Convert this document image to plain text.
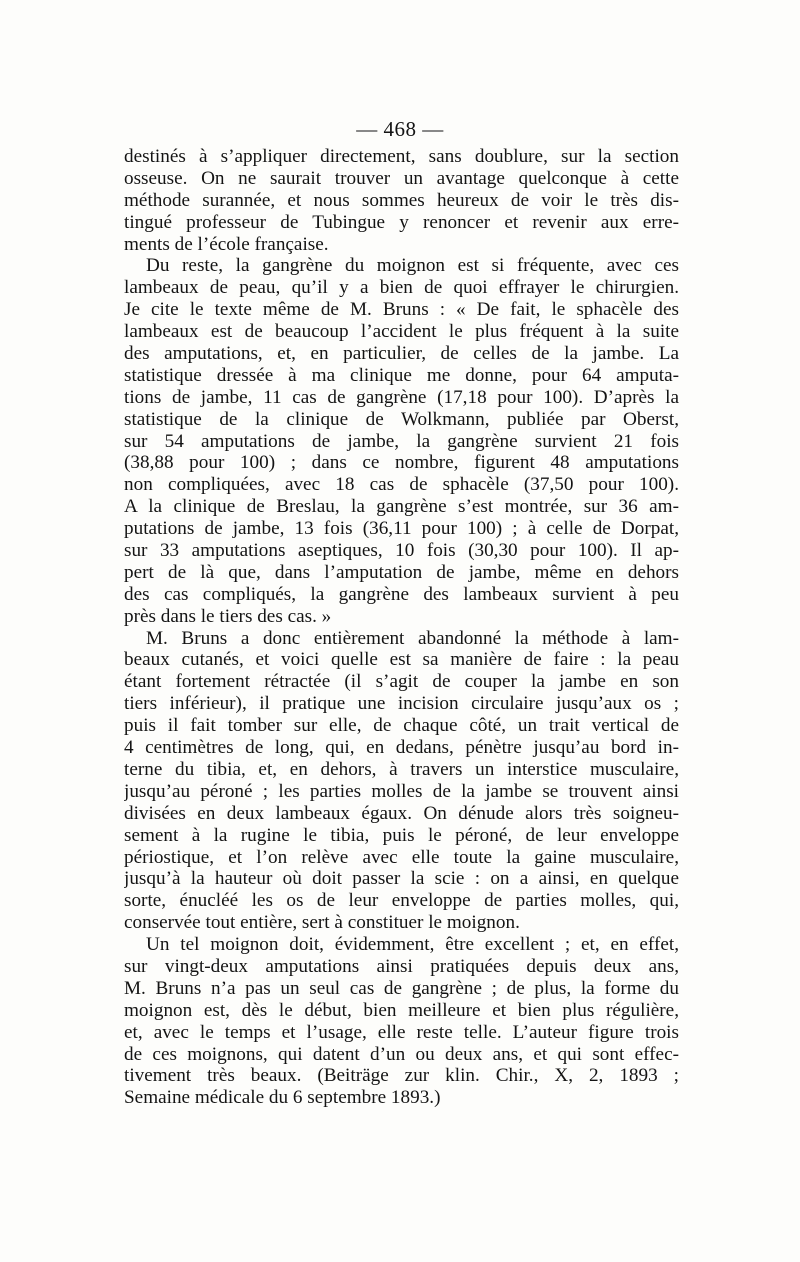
— 468 —
destinés à s’appliquer directement, sans doublure, sur la section
osseuse. On ne saurait trouver un avantage quelconque à cette
méthode surannée, et nous sommes heureux de voir le très dis-
tingué professeur de Tubingue y renoncer et revenir aux erre-
ments de l’école française.
Du reste, la gangrène du moignon est si fréquente, avec ces
lambeaux de peau, qu’il y a bien de quoi effrayer le chirurgien.
Je cite le texte même de M. Bruns : « De fait, le sphacèle des
lambeaux est de beaucoup l’accident le plus fréquent à la suite
des amputations, et, en particulier, de celles de la jambe. La
statistique dressée à ma clinique me donne, pour 64 amputa-
tions de jambe, 11 cas de gangrène (17,18 pour 100). D’après la
statistique de la clinique de Wolkmann, publiée par Oberst,
sur 54 amputations de jambe, la gangrène survient 21 fois
(38,88 pour 100) ; dans ce nombre, figurent 48 amputations
non compliquées, avec 18 cas de sphacèle (37,50 pour 100).
A la clinique de Breslau, la gangrène s’est montrée, sur 36 am-
putations de jambe, 13 fois (36,11 pour 100) ; à celle de Dorpat,
sur 33 amputations aseptiques, 10 fois (30,30 pour 100). Il ap-
pert de là que, dans l’amputation de jambe, même en dehors
des cas compliqués, la gangrène des lambeaux survient à peu
près dans le tiers des cas. »
M. Bruns a donc entièrement abandonné la méthode à lam-
beaux cutanés, et voici quelle est sa manière de faire : la peau
étant fortement rétractée (il s’agit de couper la jambe en son
tiers inférieur), il pratique une incision circulaire jusqu’aux os ;
puis il fait tomber sur elle, de chaque côté, un trait vertical de
4 centimètres de long, qui, en dedans, pénètre jusqu’au bord in-
terne du tibia, et, en dehors, à travers un interstice musculaire,
jusqu’au péroné ; les parties molles de la jambe se trouvent ainsi
divisées en deux lambeaux égaux. On dénude alors très soigneu-
sement à la rugine le tibia, puis le péroné, de leur enveloppe
périostique, et l’on relève avec elle toute la gaine musculaire,
jusqu’à la hauteur où doit passer la scie : on a ainsi, en quelque
sorte, énucléé les os de leur enveloppe de parties molles, qui,
conservée tout entière, sert à constituer le moignon.
Un tel moignon doit, évidemment, être excellent ; et, en effet,
sur vingt-deux amputations ainsi pratiquées depuis deux ans,
M. Bruns n’a pas un seul cas de gangrène ; de plus, la forme du
moignon est, dès le début, bien meilleure et bien plus régulière,
et, avec le temps et l’usage, elle reste telle. L’auteur figure trois
de ces moignons, qui datent d’un ou deux ans, et qui sont effec-
tivement très beaux. (Beiträge zur klin. Chir., X, 2, 1893 ;
Semaine médicale du 6 septembre 1893.)
